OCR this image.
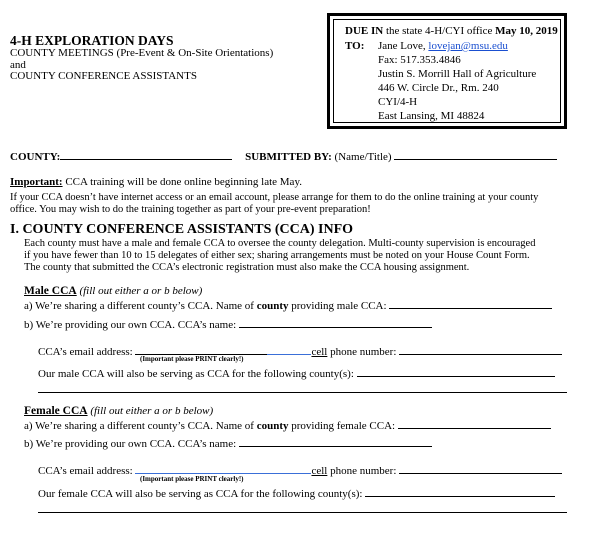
4-H EXPLORATION DAYS
COUNTY MEETINGS (Pre-Event & On-Site Orientations)
and
COUNTY CONFERENCE ASSISTANTS
DUE IN the state 4-H/CYI office May 10, 2019
TO: Jane Love, lovejan@msu.edu
Fax: 517.353.4846
Justin S. Morrill Hall of Agriculture
446 W. Circle Dr., Rm. 240
CYI/4-H
East Lansing, MI 48824
COUNTY:	SUBMITTED BY: (Name/Title)
Important: CCA training will be done online beginning late May.
If your CCA doesn’t have internet access or an email account, please arrange for them to do the online training at your county
office. You may wish to do the training together as part of your pre-event preparation!
I. COUNTY CONFERENCE ASSISTANTS (CCA) INFO
Each county must have a male and female CCA to oversee the county delegation. Multi-county supervision is encouraged
if you have fewer than 10 to 15 delegates of either sex; sharing arrangements must be noted on your House Count Form.
The county that submitted the CCA’s electronic registration must also make the CCA housing assignment.
Male CCA (fill out either a or b below)
a) We’re sharing a different county’s CCA. Name of county providing male CCA:
b) We’re providing our own CCA. CCA’s name:
CCA’s email address:	cell phone number:
(Important please PRINT clearly!)
Our male CCA will also be serving as CCA for the following county(s):
Female CCA (fill out either a or b below)
a) We’re sharing a different county’s CCA. Name of county providing female CCA:
b) We’re providing our own CCA. CCA’s name:
CCA’s email address:	cell phone number:
(Important please PRINT clearly!)
Our female CCA will also be serving as CCA for the following county(s):
